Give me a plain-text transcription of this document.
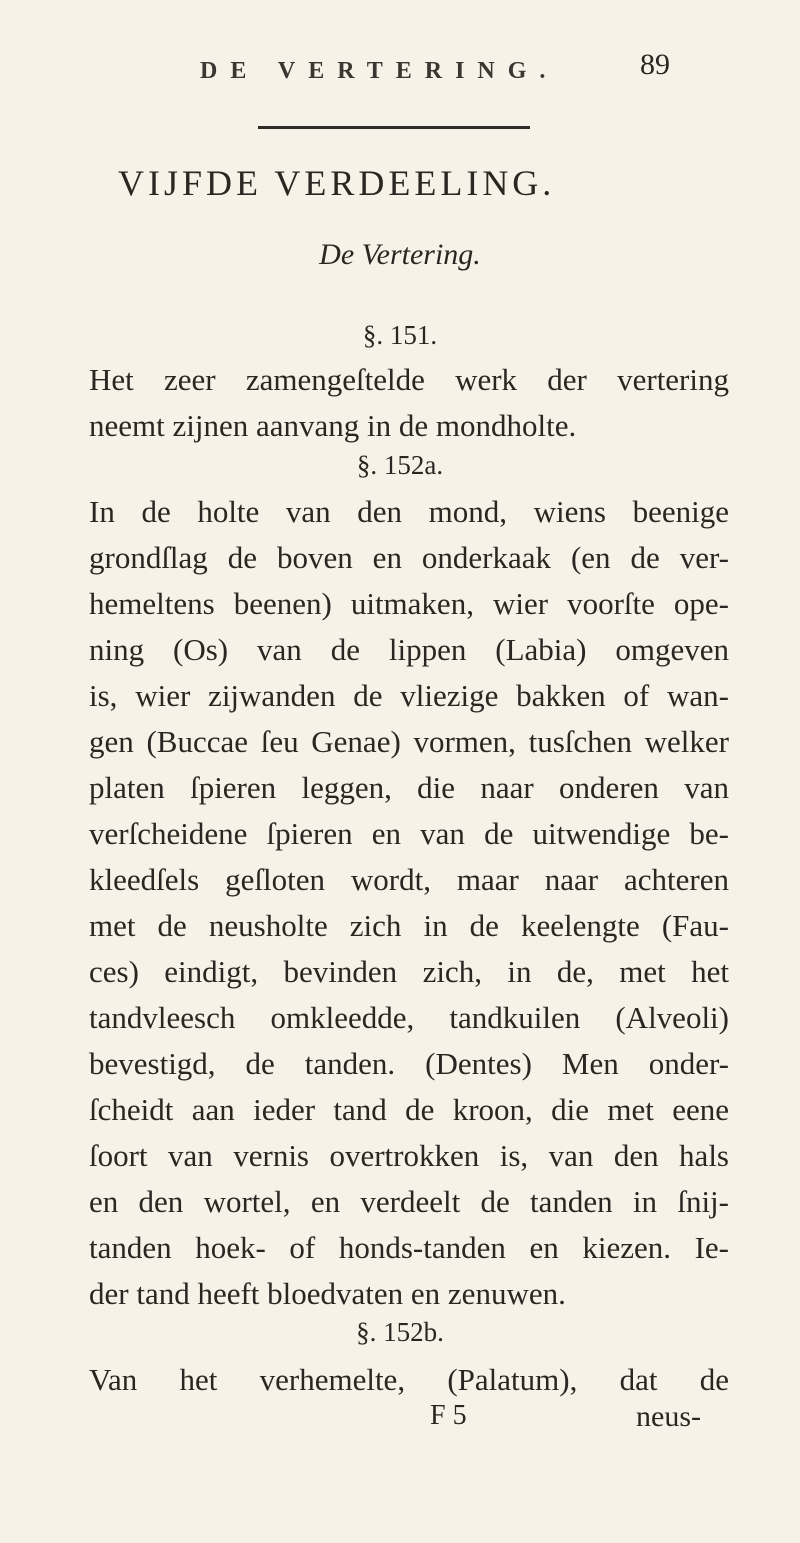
DE VERTERING.	89
VIJFDE VERDEELING.
De Vertering.
§. 151.
Het zeer zamengeſtelde werk der vertering
neemt zijnen aanvang in de mondholte.
§. 152a.
In de holte van den mond, wiens beenige
grondſlag de boven en onderkaak (en de ver-
hemeltens beenen) uitmaken, wier voorſte ope-
ning (Os) van de lippen (Labia) omgeven
is, wier zijwanden de vliezige bakken of wan-
gen (Buccae ſeu Genae) vormen, tusſchen welker
platen ſpieren leggen, die naar onderen van
verſcheidene ſpieren en van de uitwendige be-
kleedſels geſloten wordt, maar naar achteren
met de neusholte zich in de keelengte (Fau-
ces) eindigt, bevinden zich, in de, met het
tandvleesch omkleedde, tandkuilen (Alveoli)
bevestigd, de tanden. (Dentes) Men onder-
ſcheidt aan ieder tand de kroon, die met eene
ſoort van vernis overtrokken is, van den hals
en den wortel, en verdeelt de tanden in ſnij-
tanden hoek- of honds-tanden en kiezen. Ie-
der tand heeft bloedvaten en zenuwen.
§. 152b.
Van het verhemelte, (Palatum), dat de
F 5	neus-
